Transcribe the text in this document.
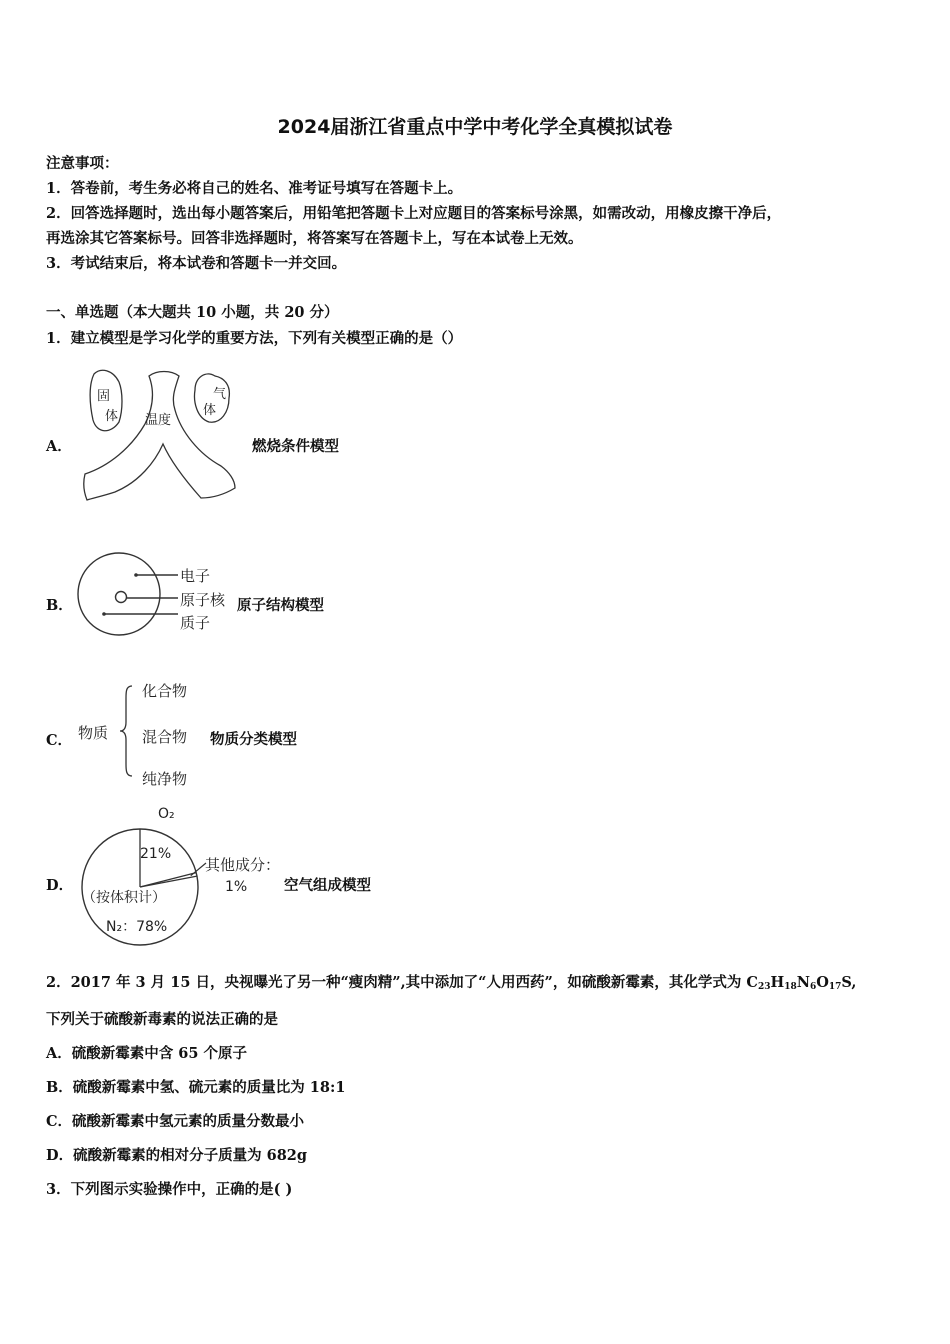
2024届浙江省重点中学中考化学全真模拟试卷
注意事项：
1．答卷前，考生务必将自己的姓名、准考证号填写在答题卡上。
2．回答选择题时，选出每小题答案后，用铅笔把答题卡上对应题目的答案标号涂黑，如需改动，用橡皮擦干净后，
再选涂其它答案标号。回答非选择题时，将答案写在答题卡上，写在本试卷上无效。
3．考试结束后，将本试卷和答题卡一并交回。
一、单选题（本大题共 10 小题，共 20 分）
1．建立模型是学习化学的重要方法，下列有关模型正确的是（）
A．
固
体 温度
气
体
燃烧条件模型
B．
电子
原子核
质子
原子结构模型
C． 物质
化合物
混合物
纯净物
物质分类模型
D．
O₂
21%
其他成分：
1%
（按体积计）
N₂：78%
空气组成模型
2．2017 年 3 月 15 日，央视曝光了另一种“瘦肉精”,其中添加了“人用西药”，如硫酸新霉素，其化学式为 $C_{23}H_{18}N_6O_{17}S$,
下列关于硫酸新毒素的说法正确的是
A．硫酸新霉素中含 65 个原子
B．硫酸新霉素中氢、硫元素的质量比为 18:1
C．硫酸新霉素中氢元素的质量分数最小
D．硫酸新霉素的相对分子质量为 682g
3．下列图示实验操作中，正确的是( )
